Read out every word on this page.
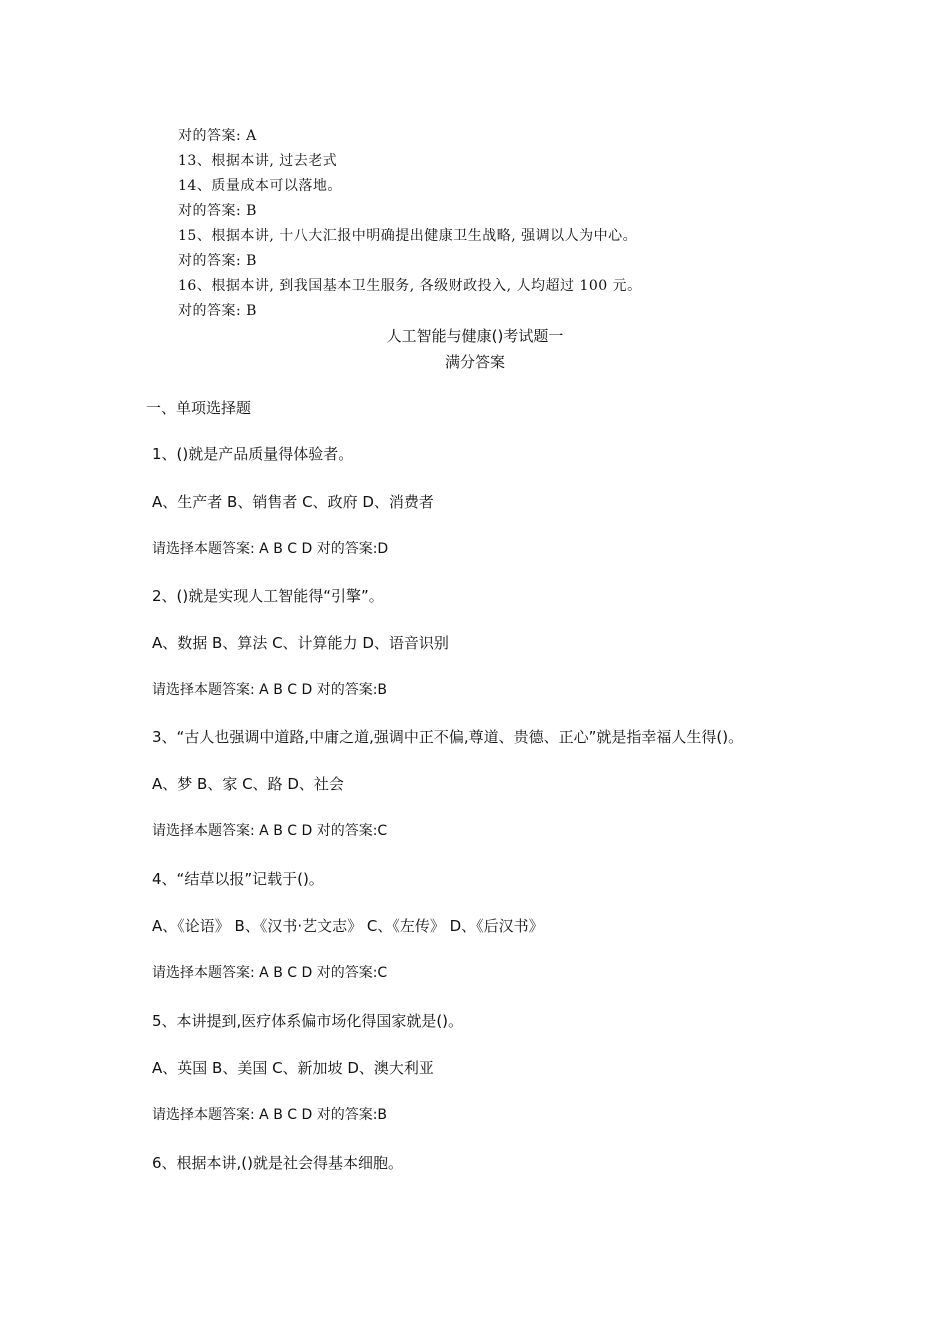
对的答案: A
13、根据本讲, 过去老式
14、质量成本可以落地。
对的答案: B
15、根据本讲, 十八大汇报中明确提出健康卫生战略, 强调以人为中心。
对的答案: B
16、根据本讲, 到我国基本卫生服务, 各级财政投入, 人均超过 100 元。
对的答案: B
人工智能与健康()考试题一
满分答案
一、单项选择题
1、()就是产品质量得体验者。
A、生产者 B、销售者 C、政府 D、消费者
请选择本题答案: A B C D 对的答案:D
2、()就是实现人工智能得“引擎”。
A、数据 B、算法 C、计算能力 D、语音识别
请选择本题答案: A B C D 对的答案:B
3、“古人也强调中道路,中庸之道,强调中正不偏,尊道、贵德、正心”就是指幸福人生得()。
A、梦 B、家 C、路 D、社会
请选择本题答案: A B C D 对的答案:C
4、“结草以报”记载于()。
A、《论语》 B、《汉书·艺文志》 C、《左传》 D、《后汉书》
请选择本题答案: A B C D 对的答案:C
5、本讲提到,医疗体系偏市场化得国家就是()。
A、英国 B、美国 C、新加坡 D、澳大利亚
请选择本题答案: A B C D 对的答案:B
6、根据本讲,()就是社会得基本细胞。
